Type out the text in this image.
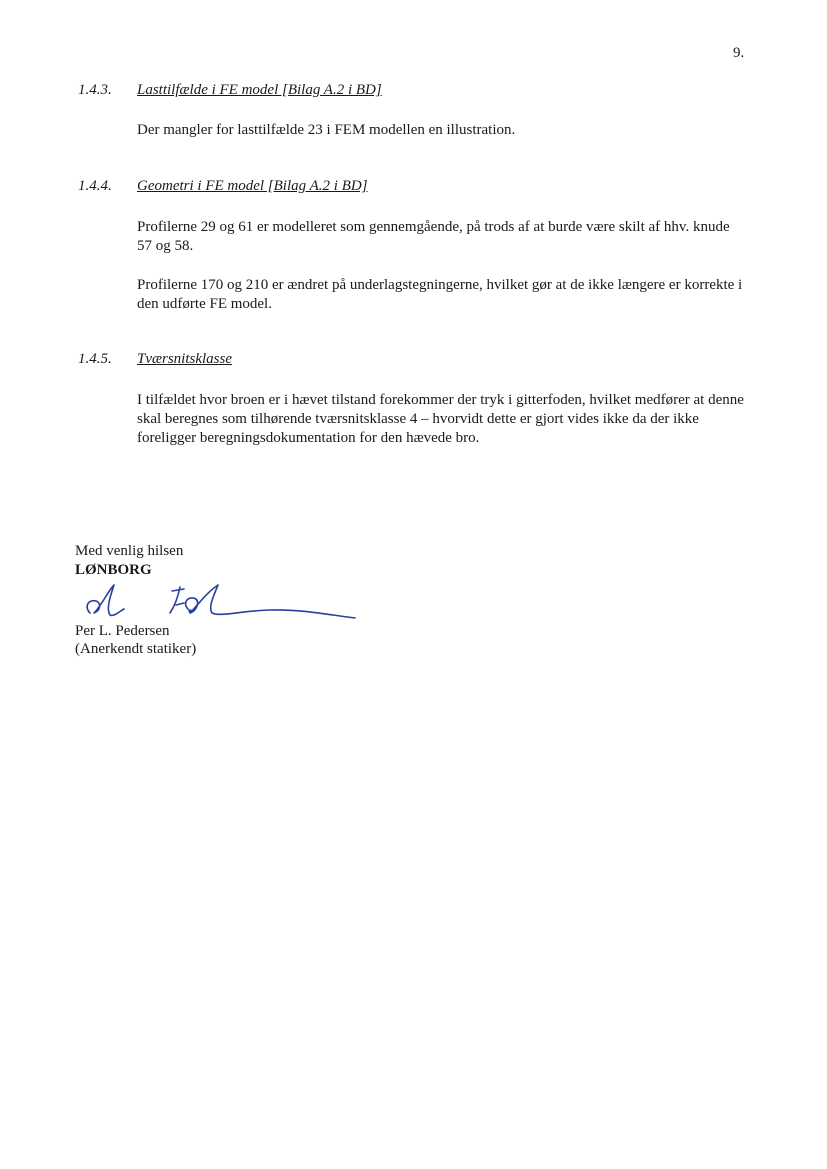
9.
1.4.3. Lasttilfælde i FE model [Bilag A.2 i BD]

Der mangler for lasttilfælde 23 i FEM modellen en illustration.

1.4.4. Geometri i FE model [Bilag A.2 i BD]

Profilerne 29 og 61 er modelleret som gennemgående, på trods af at burde være skilt af hhv. knude 57 og 58.

Profilerne 170 og 210 er ændret på underlagstegningerne, hvilket gør at de ikke længere er korrekte i den udførte FE model.

1.4.5. Tværsnitsklasse

I tilfældet hvor broen er i hævet tilstand forekommer der tryk i gitterfoden, hvilket medfører at denne skal beregnes som tilhørende tværsnitsklasse 4 – hvorvidt dette er gjort vides ikke da der ikke foreligger beregningsdokumentation for den hævede bro.

Med venlig hilsen
LØNBORG
Per L. Pedersen
(Anerkendt statiker)
